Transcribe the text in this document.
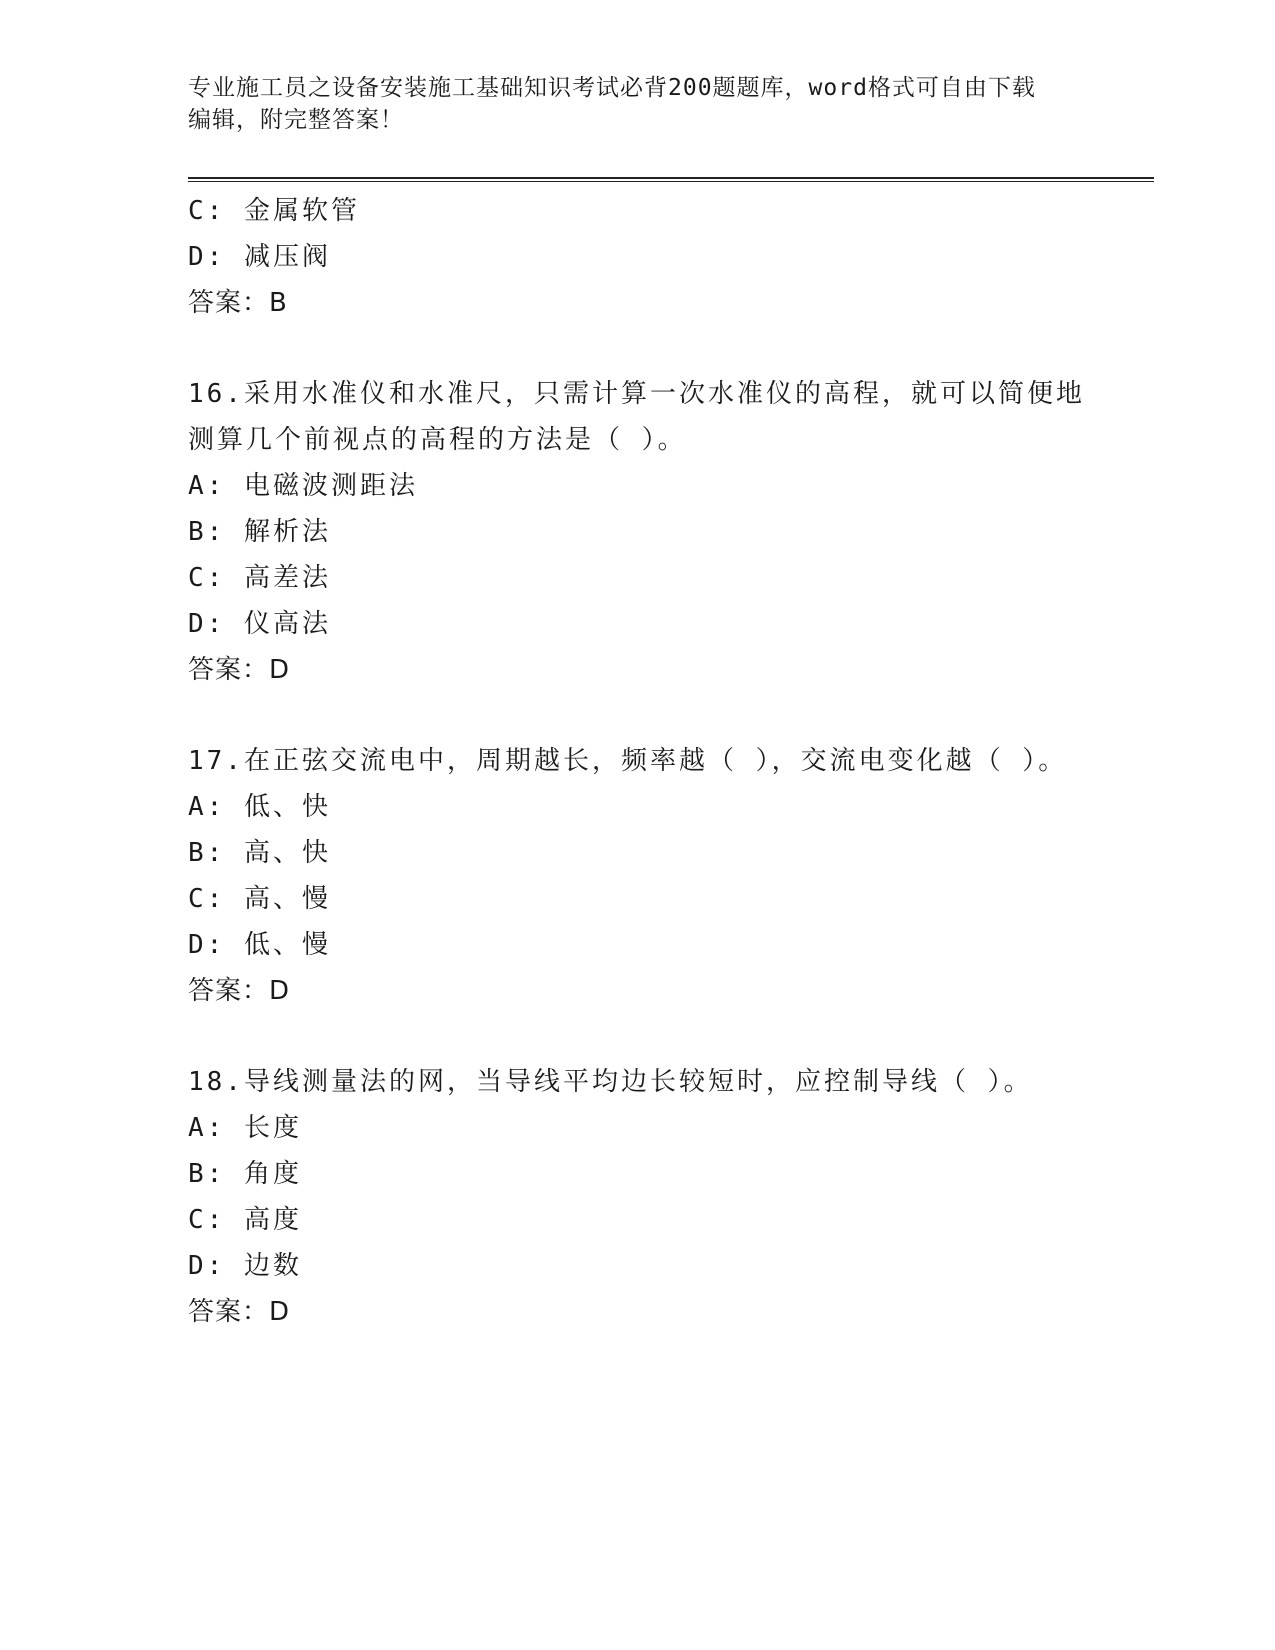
专业施工员之设备安装施工基础知识考试必背200题题库，word格式可自由下载
编辑，附完整答案！
C: 金属软管
D: 减压阀
答案：B
16.采用水准仪和水准尺，只需计算一次水准仪的高程，就可以简便地
测算几个前视点的高程的方法是（ ）。
A: 电磁波测距法
B: 解析法
C: 高差法
D: 仪高法
答案：D
17.在正弦交流电中，周期越长，频率越（ ），交流电变化越（ ）。
A: 低、快
B: 高、快
C: 高、慢
D: 低、慢
答案：D
18.导线测量法的网，当导线平均边长较短时，应控制导线（ ）。
A: 长度
B: 角度
C: 高度
D: 边数
答案：D
